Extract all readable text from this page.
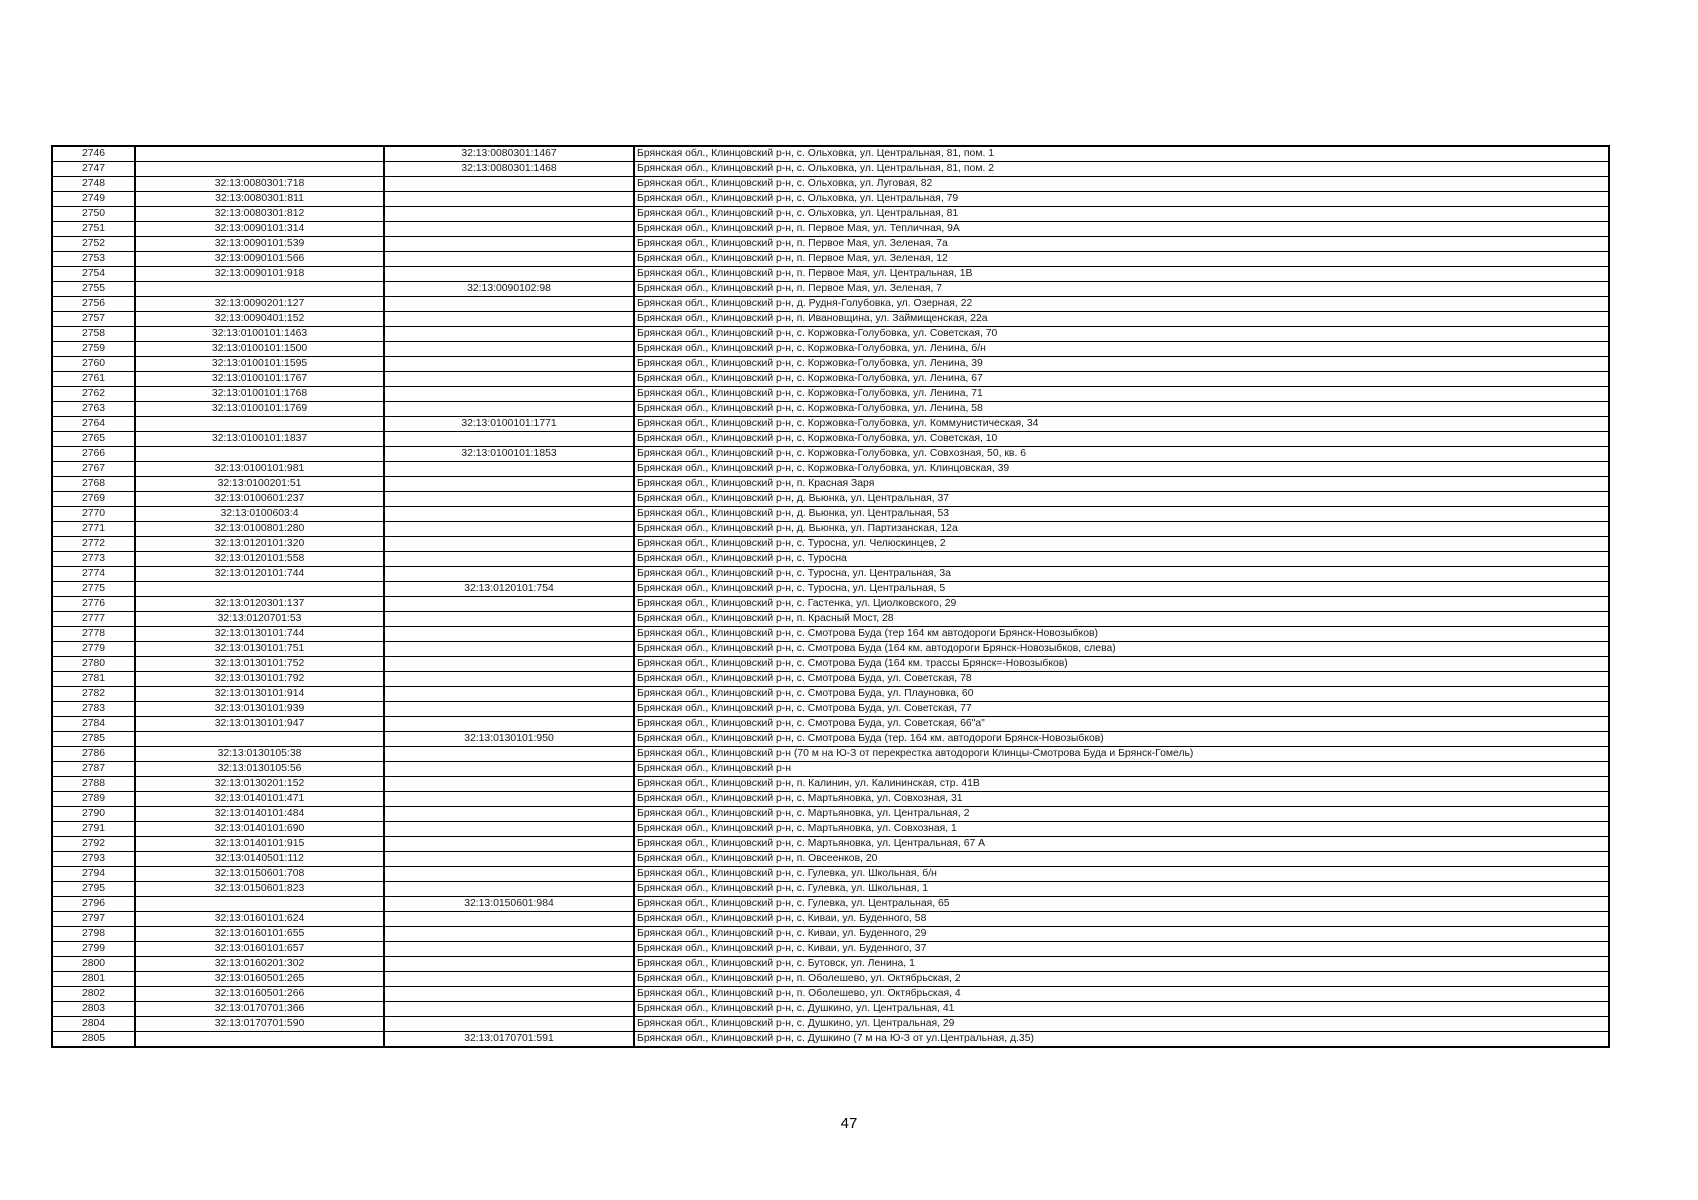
2746		32:13:0080301:1467	Брянская обл., Клинцовский р-н, с. Ольховка, ул. Центральная, 81, пом. 1
2747		32:13:0080301:1468	Брянская обл., Клинцовский р-н, с. Ольховка, ул. Центральная, 81, пом. 2
2748	32:13:0080301:718		Брянская обл., Клинцовский р-н, с. Ольховка, ул. Луговая, 82
2749	32:13:0080301:811		Брянская обл., Клинцовский р-н, с. Ольховка, ул. Центральная, 79
2750	32:13:0080301:812		Брянская обл., Клинцовский р-н, с. Ольховка, ул. Центральная, 81
2751	32:13:0090101:314		Брянская обл., Клинцовский р-н, п. Первое Мая, ул. Тепличная, 9А
2752	32:13:0090101:539		Брянская обл., Клинцовский р-н, п. Первое Мая, ул. Зеленая, 7а
2753	32:13:0090101:566		Брянская обл., Клинцовский р-н, п. Первое Мая, ул. Зеленая, 12
2754	32:13:0090101:918		Брянская обл., Клинцовский р-н, п. Первое Мая, ул. Центральная, 1В
2755		32:13:0090102:98	Брянская обл., Клинцовский р-н, п. Первое Мая, ул. Зеленая, 7
2756	32:13:0090201:127		Брянская обл., Клинцовский р-н, д. Рудня-Голубовка, ул. Озерная, 22
2757	32:13:0090401:152		Брянская обл., Клинцовский р-н, п. Ивановщина, ул. Займищенская, 22а
2758	32:13:0100101:1463		Брянская обл., Клинцовский р-н, с. Коржовка-Голубовка, ул. Советская, 70
2759	32:13:0100101:1500		Брянская обл., Клинцовский р-н, с. Коржовка-Голубовка, ул. Ленина, б/н
2760	32:13:0100101:1595		Брянская обл., Клинцовский р-н, с. Коржовка-Голубовка, ул. Ленина, 39
2761	32:13:0100101:1767		Брянская обл., Клинцовский р-н, с. Коржовка-Голубовка, ул. Ленина, 67
2762	32:13:0100101:1768		Брянская обл., Клинцовский р-н, с. Коржовка-Голубовка, ул. Ленина, 71
2763	32:13:0100101:1769		Брянская обл., Клинцовский р-н, с. Коржовка-Голубовка, ул. Ленина, 58
2764		32:13:0100101:1771	Брянская обл., Клинцовский р-н, с. Коржовка-Голубовка, ул. Коммунистическая, 34
2765	32:13:0100101:1837		Брянская обл., Клинцовский р-н, с. Коржовка-Голубовка, ул. Советская, 10
2766		32:13:0100101:1853	Брянская обл., Клинцовский р-н, с. Коржовка-Голубовка, ул. Совхозная, 50, кв. 6
2767	32:13:0100101:981		Брянская обл., Клинцовский р-н, с. Коржовка-Голубовка, ул. Клинцовская, 39
2768	32:13:0100201:51		Брянская обл., Клинцовский р-н, п. Красная Заря
2769	32:13:0100601:237		Брянская обл., Клинцовский р-н, д. Вьюнка, ул. Центральная, 37
2770	32:13:0100603:4		Брянская обл., Клинцовский р-н, д. Вьюнка, ул. Центральная, 53
2771	32:13:0100801:280		Брянская обл., Клинцовский р-н, д. Вьюнка, ул. Партизанская, 12а
2772	32:13:0120101:320		Брянская обл., Клинцовский р-н, с. Туросна, ул. Челюскинцев, 2
2773	32:13:0120101:558		Брянская обл., Клинцовский р-н, с. Туросна
2774	32:13:0120101:744		Брянская обл., Клинцовский р-н, с. Туросна, ул. Центральная, 3а
2775		32:13:0120101:754	Брянская обл., Клинцовский р-н, с. Туросна, ул. Центральная, 5
2776	32:13:0120301:137		Брянская обл., Клинцовский р-н, с. Гастенка, ул. Циолковского, 29
2777	32:13:0120701:53		Брянская обл., Клинцовский р-н, п. Красный Мост, 28
2778	32:13:0130101:744		Брянская обл., Клинцовский р-н, с. Смотрова Буда (тер 164 км автодороги Брянск-Новозыбков)
2779	32:13:0130101:751		Брянская обл., Клинцовский р-н, с. Смотрова Буда (164 км. автодороги Брянск-Новозыбков, слева)
2780	32:13:0130101:752		Брянская обл., Клинцовский р-н, с. Смотрова Буда (164 км. трассы Брянск=-Новозыбков)
2781	32:13:0130101:792		Брянская обл., Клинцовский р-н, с. Смотрова Буда, ул. Советская, 78
2782	32:13:0130101:914		Брянская обл., Клинцовский р-н, с. Смотрова Буда, ул. Плауновка, 60
2783	32:13:0130101:939		Брянская обл., Клинцовский р-н, с. Смотрова Буда, ул. Советская, 77
2784	32:13:0130101:947		Брянская обл., Клинцовский р-н, с. Смотрова Буда, ул. Советская, 66"а"
2785		32:13:0130101:950	Брянская обл., Клинцовский р-н, с. Смотрова Буда (тер. 164 км. автодороги Брянск-Новозыбков)
2786	32:13:0130105:38		Брянская обл., Клинцовский р-н (70 м на Ю-З от перекрестка автодороги Клинцы-Смотрова Буда и Брянск-Гомель)
2787	32:13:0130105:56		Брянская обл., Клинцовский р-н
2788	32:13:0130201:152		Брянская обл., Клинцовский р-н, п. Калинин, ул. Калининская, стр. 41В
2789	32:13:0140101:471		Брянская обл., Клинцовский р-н, с. Мартьяновка, ул. Совхозная, 31
2790	32:13:0140101:484		Брянская обл., Клинцовский р-н, с. Мартьяновка, ул. Центральная, 2
2791	32:13:0140101:690		Брянская обл., Клинцовский р-н, с. Мартьяновка, ул. Совхозная, 1
2792	32:13:0140101:915		Брянская обл., Клинцовский р-н, с. Мартьяновка, ул. Центральная, 67 А
2793	32:13:0140501:112		Брянская обл., Клинцовский р-н, п. Овсеенков, 20
2794	32:13:0150601:708		Брянская обл., Клинцовский р-н, с. Гулевка, ул. Школьная, б/н
2795	32:13:0150601:823		Брянская обл., Клинцовский р-н, с. Гулевка, ул. Школьная, 1
2796		32:13:0150601:984	Брянская обл., Клинцовский р-н, с. Гулевка, ул. Центральная, 65
2797	32:13:0160101:624		Брянская обл., Клинцовский р-н, с. Киваи, ул. Буденного, 58
2798	32:13:0160101:655		Брянская обл., Клинцовский р-н, с. Киваи, ул. Буденного, 29
2799	32:13:0160101:657		Брянская обл., Клинцовский р-н, с. Киваи, ул. Буденного, 37
2800	32:13:0160201:302		Брянская обл., Клинцовский р-н, с. Бутовск, ул. Ленина, 1
2801	32:13:0160501:265		Брянская обл., Клинцовский р-н, п. Оболешево, ул. Октябрьская, 2
2802	32:13:0160501:266		Брянская обл., Клинцовский р-н, п. Оболешево, ул. Октябрьская, 4
2803	32:13:0170701:366		Брянская обл., Клинцовский р-н, с. Душкино, ул. Центральная, 41
2804	32:13:0170701:590		Брянская обл., Клинцовский р-н, с. Душкино, ул. Центральная, 29
2805		32:13:0170701:591	Брянская обл., Клинцовский р-н, с. Душкино (7 м на Ю-З от ул.Центральная, д.35)
47
